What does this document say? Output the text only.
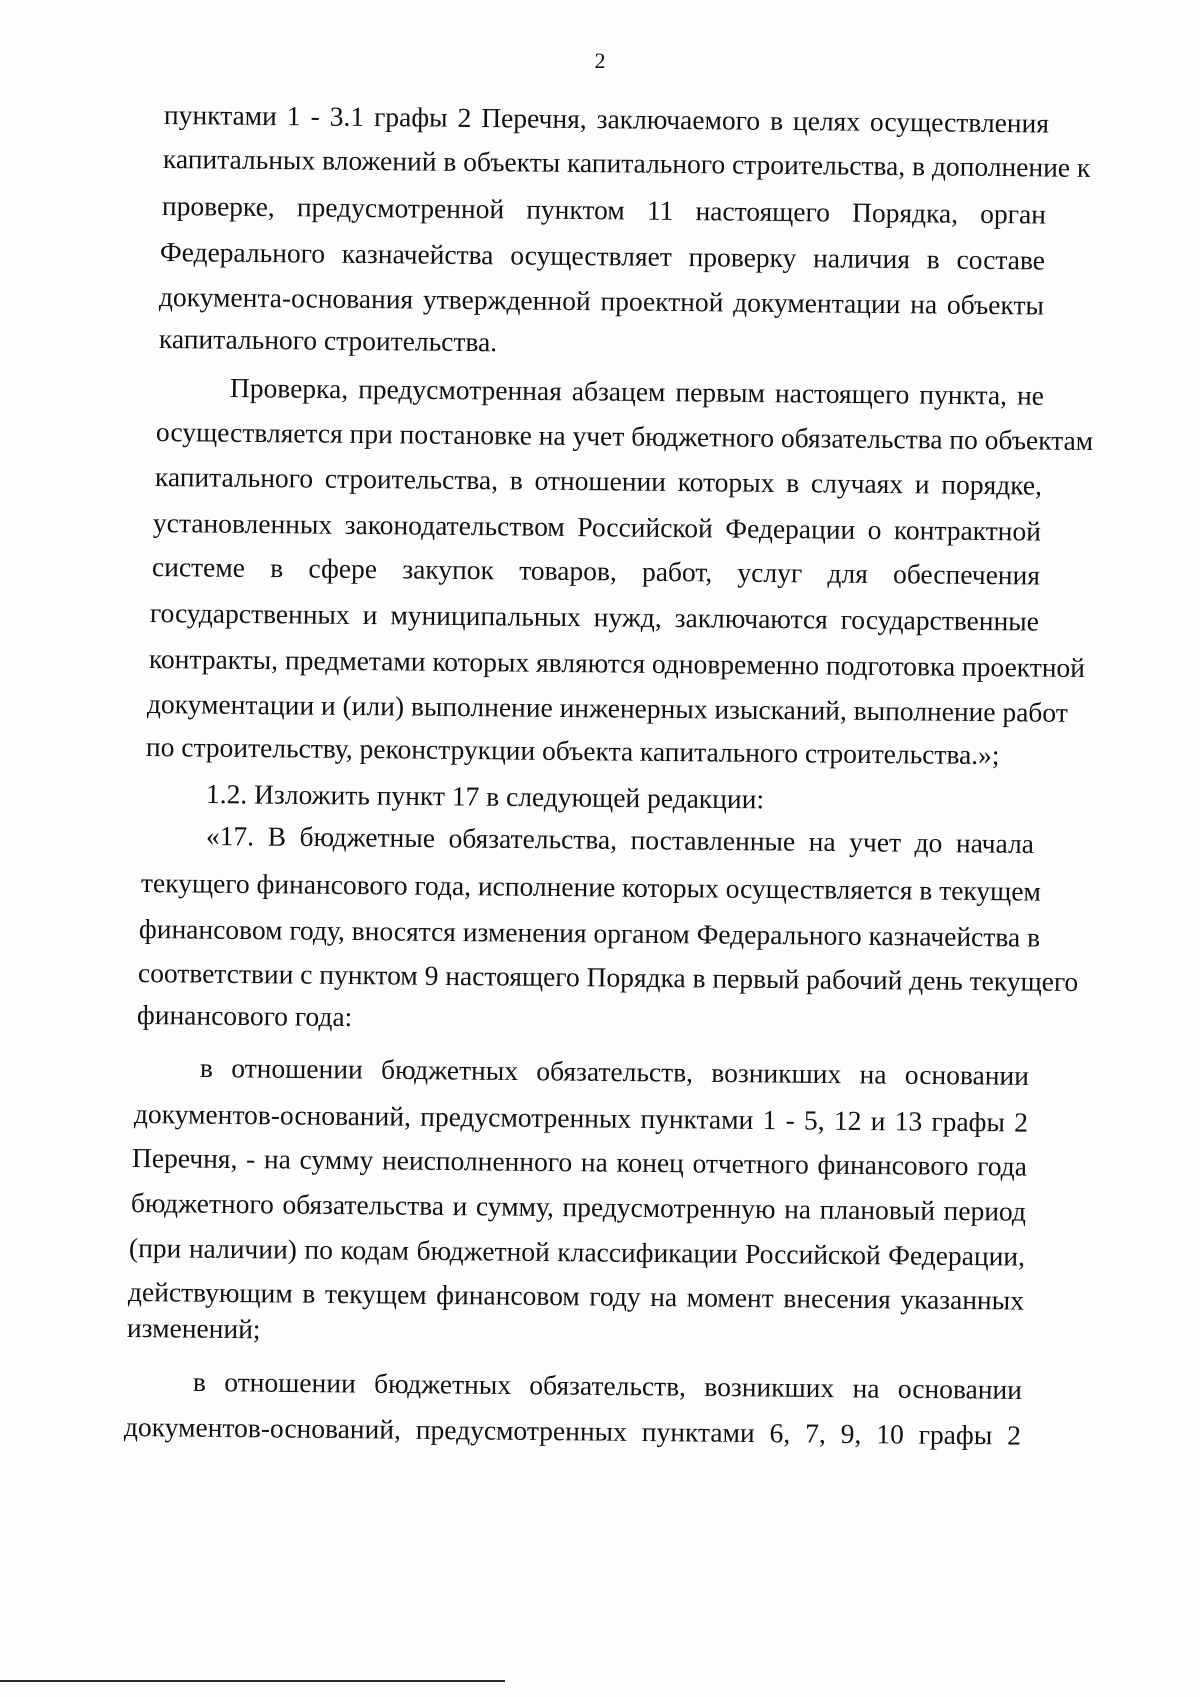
2

пунктами 1 - 3.1 графы 2 Перечня, заключаемого в целях осуществления

капитальных вложений в объекты капитального строительства, в дополнение к

проверке, предусмотренной пунктом 11 настоящего Порядка, орган

Федерального казначейства осуществляет проверку наличия в составе

документа-основания утвержденной проектной документации на объекты

капитального строительства.

Проверка, предусмотренная абзацем первым настоящего пункта, не

осуществляется при постановке на учет бюджетного обязательства по объектам

капитального строительства, в отношении которых в случаях и порядке,

установленных законодательством Российской Федерации о контрактной

системе в сфере закупок товаров, работ, услуг для обеспечения

государственных и муниципальных нужд, заключаются государственные

контракты, предметами которых являются одновременно подготовка проектной

документации и (или) выполнение инженерных изысканий, выполнение работ

по строительству, реконструкции объекта капитального строительства.»;

1.2. Изложить пункт 17 в следующей редакции:

«17. В бюджетные обязательства, поставленные на учет до начала

текущего финансового года, исполнение которых осуществляется в текущем

финансовом году, вносятся изменения органом Федерального казначейства в

соответствии с пунктом 9 настоящего Порядка в первый рабочий день текущего

финансового года:

в отношении бюджетных обязательств, возникших на основании

документов-оснований, предусмотренных пунктами 1 - 5, 12 и 13 графы 2

Перечня, - на сумму неисполненного на конец отчетного финансового года

бюджетного обязательства и сумму, предусмотренную на плановый период

(при наличии) по кодам бюджетной классификации Российской Федерации,

действующим в текущем финансовом году на момент внесения указанных

изменений;

в отношении бюджетных обязательств, возникших на основании

документов-оснований, предусмотренных пунктами 6, 7, 9, 10 графы 2
